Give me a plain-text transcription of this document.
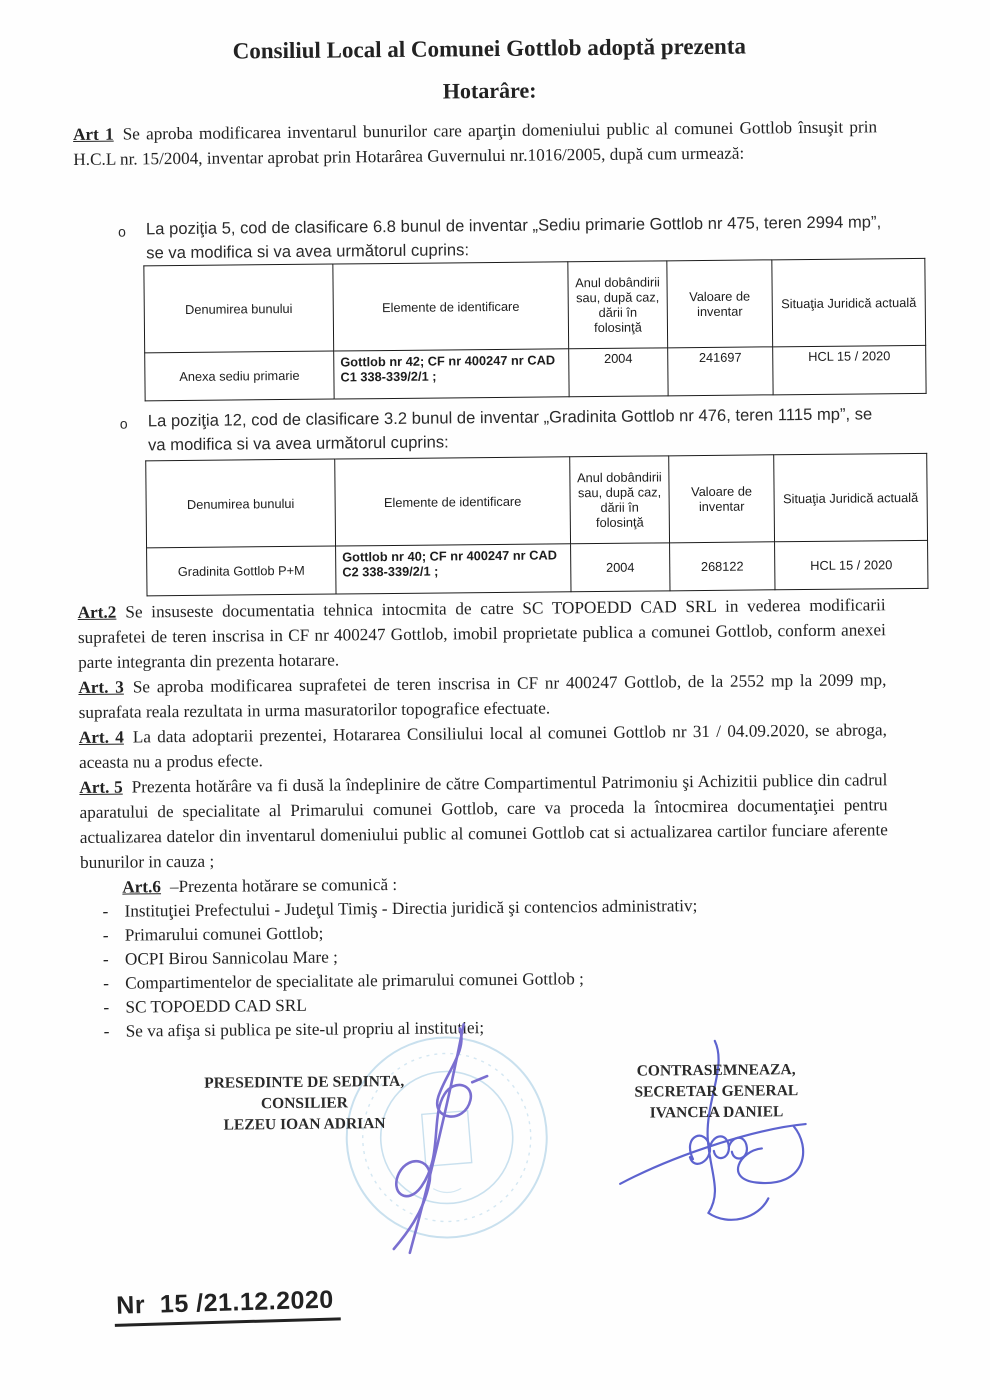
Consiliul Local al Comunei Gottlob adoptă prezenta
Hotarâre:
Art 1 Se aproba modificarea inventarul bunurilor care aparţin domeniului public al comunei Gottlob însuşit prin H.C.L nr. 15/2004, inventar aprobat prin Hotarârea Guvernului nr.1016/2005, după cum urmează:
o	La poziţia 5, cod de clasificare 6.8 bunul de inventar „Sediu primarie Gottlob nr 475, teren 2994 mp”, se va modifica si va avea următorul cuprins:
Denumirea bunului	Elemente de identificare	Anul dobândirii sau, după caz, dării în folosinţă	Valoare de inventar	Situaţia Juridică actuală
Anexa sediu primarie	Gottlob nr 42; CF nr 400247 nr CAD C1 338-339/2/1 ;	2004	241697	HCL 15 / 2020
o	La poziţia 12, cod de clasificare 3.2 bunul de inventar „Gradinita Gottlob nr 476, teren 1115 mp”, se va modifica si va avea următorul cuprins:
Denumirea bunului	Elemente de identificare	Anul dobândirii sau, după caz, dării în folosinţă	Valoare de inventar	Situaţia Juridică actuală
Gradinita Gottlob P+M	Gottlob nr 40; CF nr 400247 nr CAD C2 338-339/2/1 ;	2004	268122	HCL 15 / 2020

Art.2 Se insuseste documentatia tehnica intocmita de catre SC TOPOEDD CAD SRL in vederea modificarii suprafetei de teren inscrisa in CF nr 400247 Gottlob, imobil proprietate publica a comunei Gottlob, conform anexei parte integranta din prezenta hotarare.

Art. 3 Se aproba modificarea suprafetei de teren inscrisa in CF nr 400247 Gottlob, de la 2552 mp la 2099 mp, suprafata reala rezultata in urma masuratorilor topografice efectuate.

Art. 4 La data adoptarii prezentei, Hotararea Consiliului local al comunei Gottlob nr 31 / 04.09.2020, se abroga, aceasta nu a produs efecte.

Art. 5 Prezenta hotărâre va fi dusă la îndeplinire de către Compartimentul Patrimoniu şi Achizitii publice din cadrul aparatului de specialitate al Primarului comunei Gottlob, care va proceda la întocmirea documentaţiei pentru actualizarea datelor din inventarul domeniului public al comunei Gottlob cat si actualizarea cartilor funciare aferente bunurilor in cauza ;

Art.6 –Prezenta hotărare se comunică :

- Instituţiei Prefectului - Judeţul Timiş - Directia juridică şi contencios administrativ;
- Primarului comunei Gottlob;
- OCPI Birou Sannicolau Mare ;
- Compartimentelor de specialitate ale primarului comunei Gottlob ;
- SC TOPOEDD CAD SRL
- Se va afişa si publica pe site-ul propriu al institutiei;
PRESEDINTE DE SEDINTA,
CONSILIER
LEZEU IOAN ADRIAN
CONTRASEMNEAZA,
SECRETAR GENERAL
IVANCEA DANIEL
Nr  15 /21.12.2020
